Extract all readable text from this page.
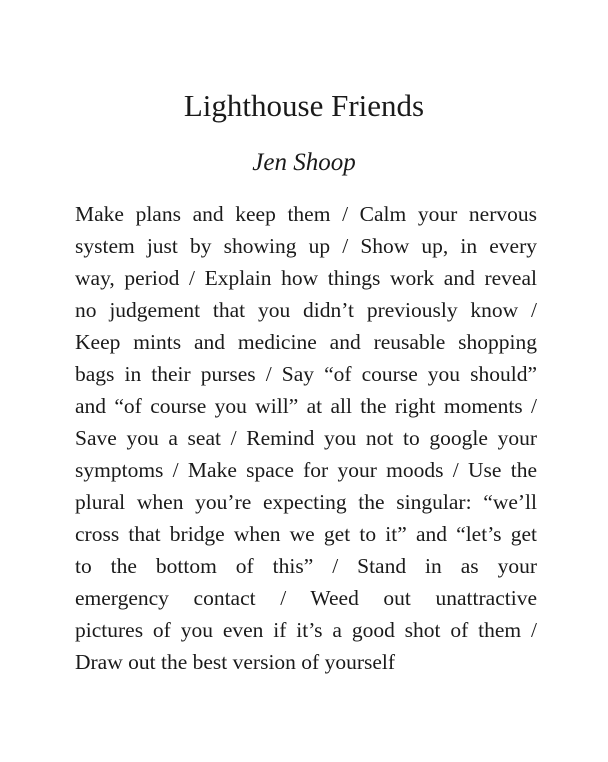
Lighthouse Friends

Jen Shoop

Make plans and keep them / Calm your nervous
system just by showing up / Show up, in every
way, period / Explain how things work and reveal
no judgement that you didn’t previously know /
Keep mints and medicine and reusable shopping
bags in their purses / Say “of course you should”
and “of course you will” at all the right moments /
Save you a seat / Remind you not to google your
symptoms / Make space for your moods / Use the
plural when you’re expecting the singular: “we’ll
cross that bridge when we get to it” and “let’s get
to the bottom of this” / Stand in as your
emergency contact / Weed out unattractive
pictures of you even if it’s a good shot of them /
Draw out the best version of yourself
